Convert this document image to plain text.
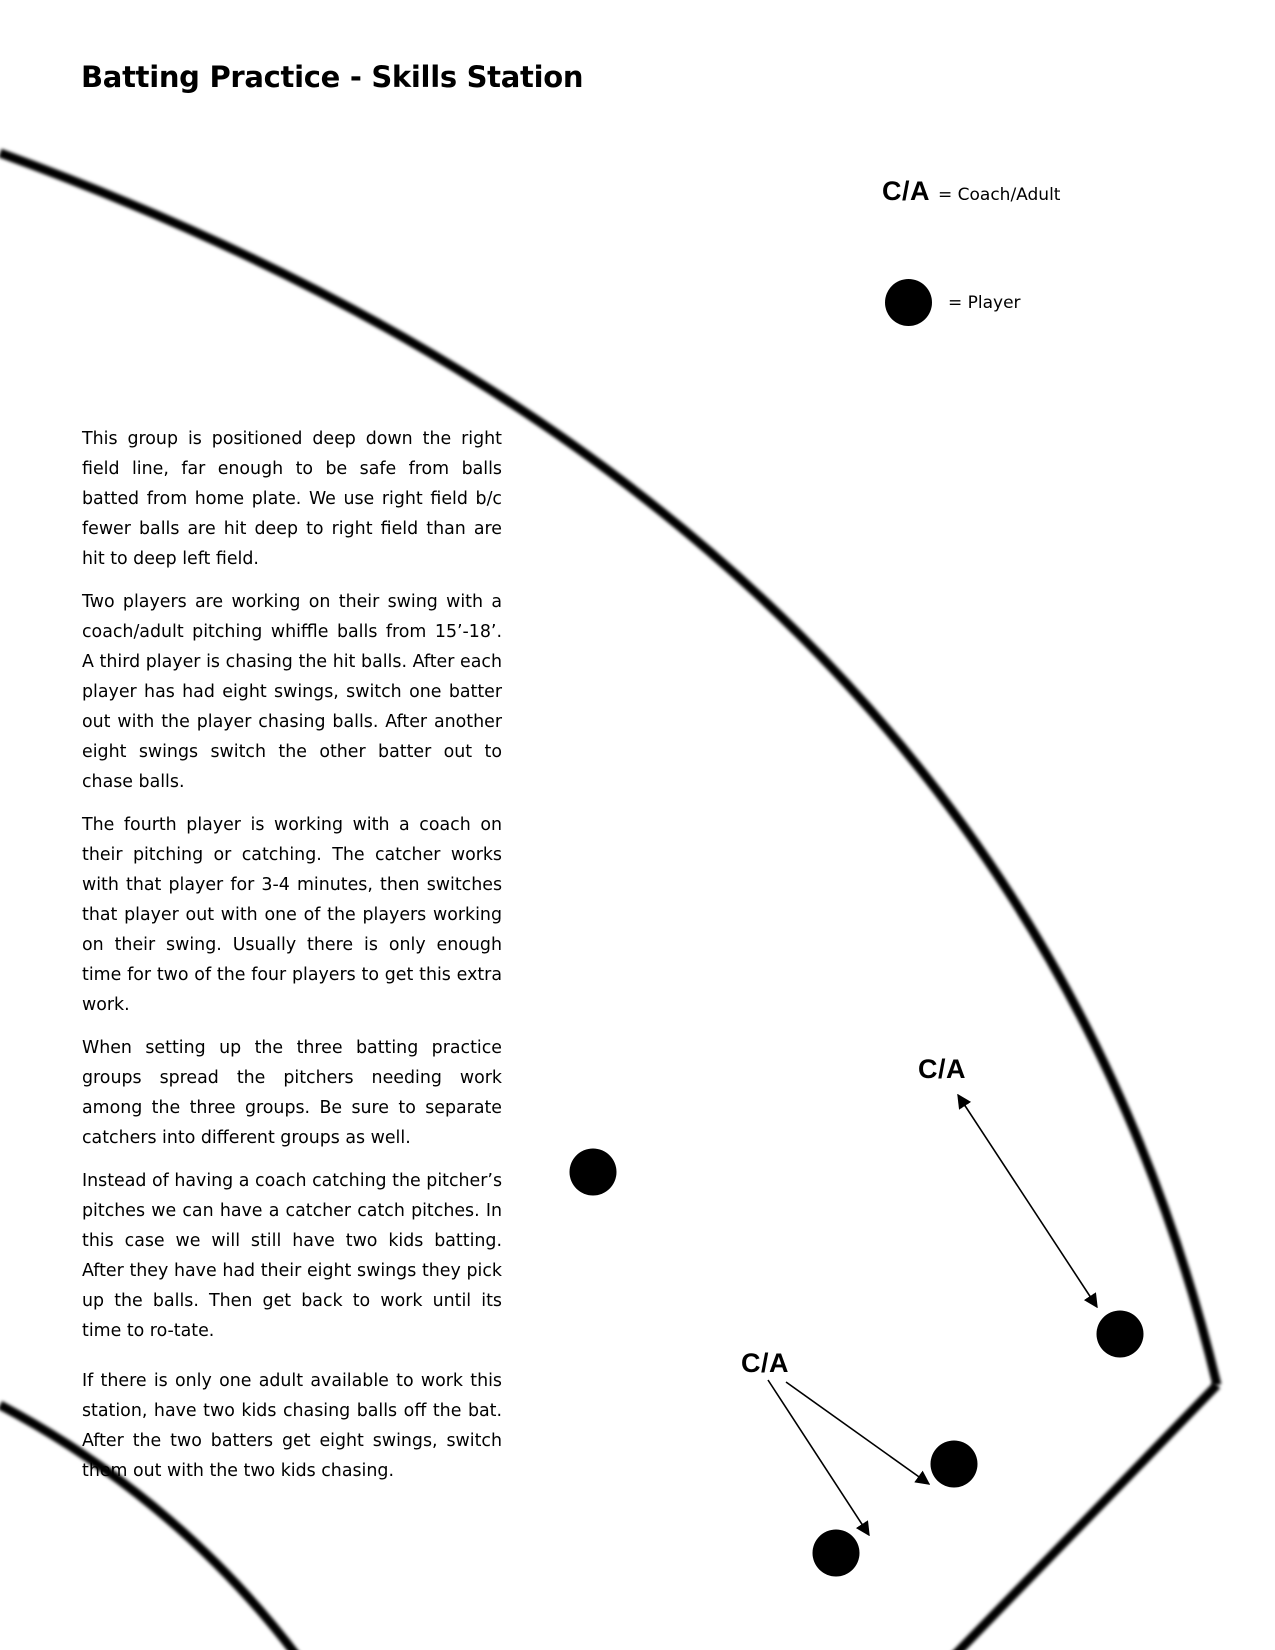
Batting Practice - Skills Station
C/A = Coach/Adult
= Player

This group is positioned deep down the right field line, far enough to be safe from balls batted from home plate. We use right field b/c fewer balls are hit deep to right field than are hit to deep left field.

Two players are working on their swing with a coach/adult pitching whiffle balls from 15’-18’. A third player is chasing the hit balls. After each player has had eight swings, switch one batter out with the player chasing balls. After another eight swings switch the other batter out to chase balls.

The fourth player is working with a coach on their pitching or catching. The catcher works with that player for 3-4 minutes, then switches that player out with one of the players working on their swing. Usually there is only enough time for two of the four players to get this extra work.

When setting up the three batting practice groups spread the pitchers needing work among the three groups. Be sure to separate catchers into different groups as well.

Instead of having a coach catching the pitcher’s pitches we can have a catcher catch pitches. In this case we will still have two kids batting. After they have had their eight swings they pick up the balls. Then get back to work until its time to ro-tate.

If there is only one adult available to work this station, have two kids chasing balls off the bat. After the two batters get eight swings, switch them out with the two kids chasing.

C/A
C/A
